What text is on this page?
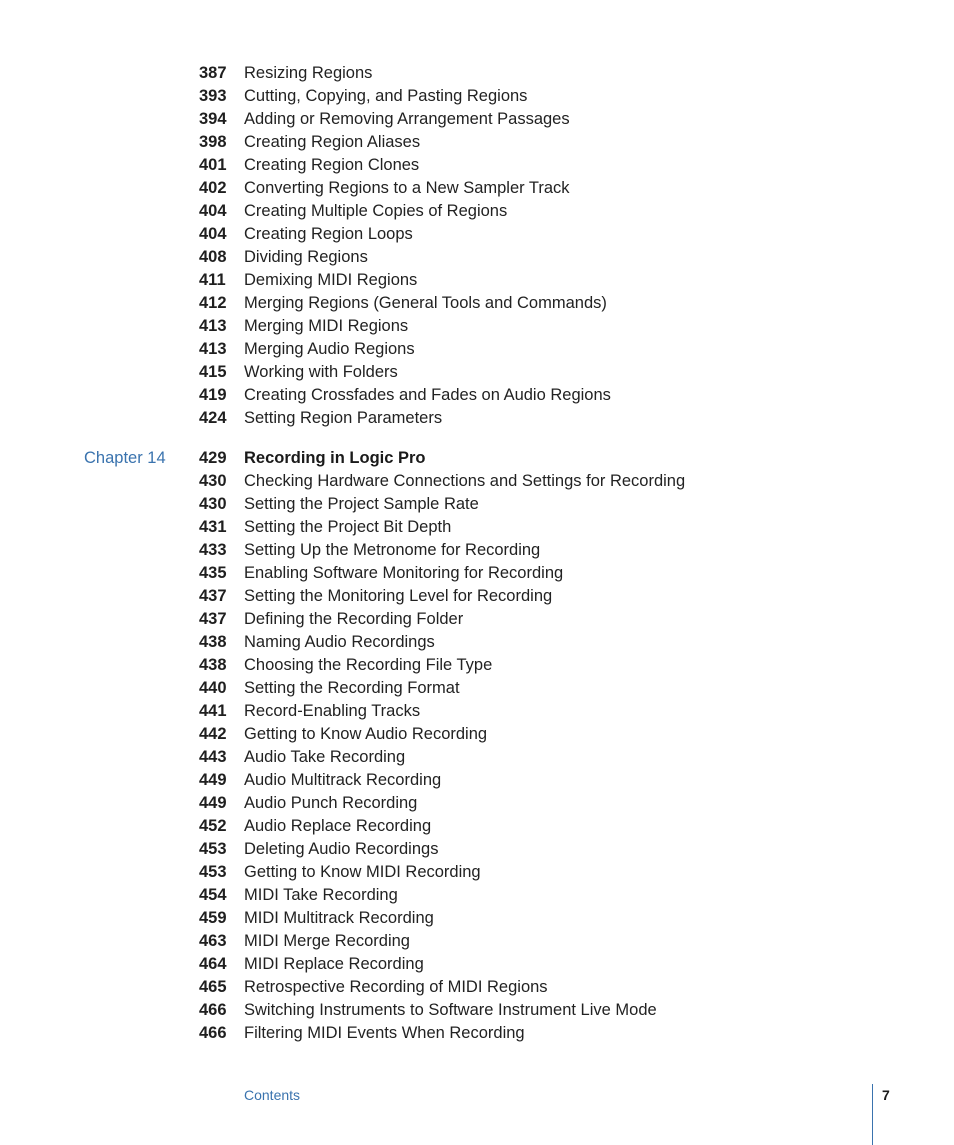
387	Resizing Regions
393	Cutting, Copying, and Pasting Regions
394	Adding or Removing Arrangement Passages
398	Creating Region Aliases
401	Creating Region Clones
402	Converting Regions to a New Sampler Track
404	Creating Multiple Copies of Regions
404	Creating Region Loops
408	Dividing Regions
411	Demixing MIDI Regions
412	Merging Regions (General Tools and Commands)
413	Merging MIDI Regions
413	Merging Audio Regions
415	Working with Folders
419	Creating Crossfades and Fades on Audio Regions
424	Setting Region Parameters
Chapter 14 429	Recording in Logic Pro
430	Checking Hardware Connections and Settings for Recording
430	Setting the Project Sample Rate
431	Setting the Project Bit Depth
433	Setting Up the Metronome for Recording
435	Enabling Software Monitoring for Recording
437	Setting the Monitoring Level for Recording
437	Defining the Recording Folder
438	Naming Audio Recordings
438	Choosing the Recording File Type
440	Setting the Recording Format
441	Record-Enabling Tracks
442	Getting to Know Audio Recording
443	Audio Take Recording
449	Audio Multitrack Recording
449	Audio Punch Recording
452	Audio Replace Recording
453	Deleting Audio Recordings
453	Getting to Know MIDI Recording
454	MIDI Take Recording
459	MIDI Multitrack Recording
463	MIDI Merge Recording
464	MIDI Replace Recording
465	Retrospective Recording of MIDI Regions
466	Switching Instruments to Software Instrument Live Mode
466	Filtering MIDI Events When Recording
Contents	7
